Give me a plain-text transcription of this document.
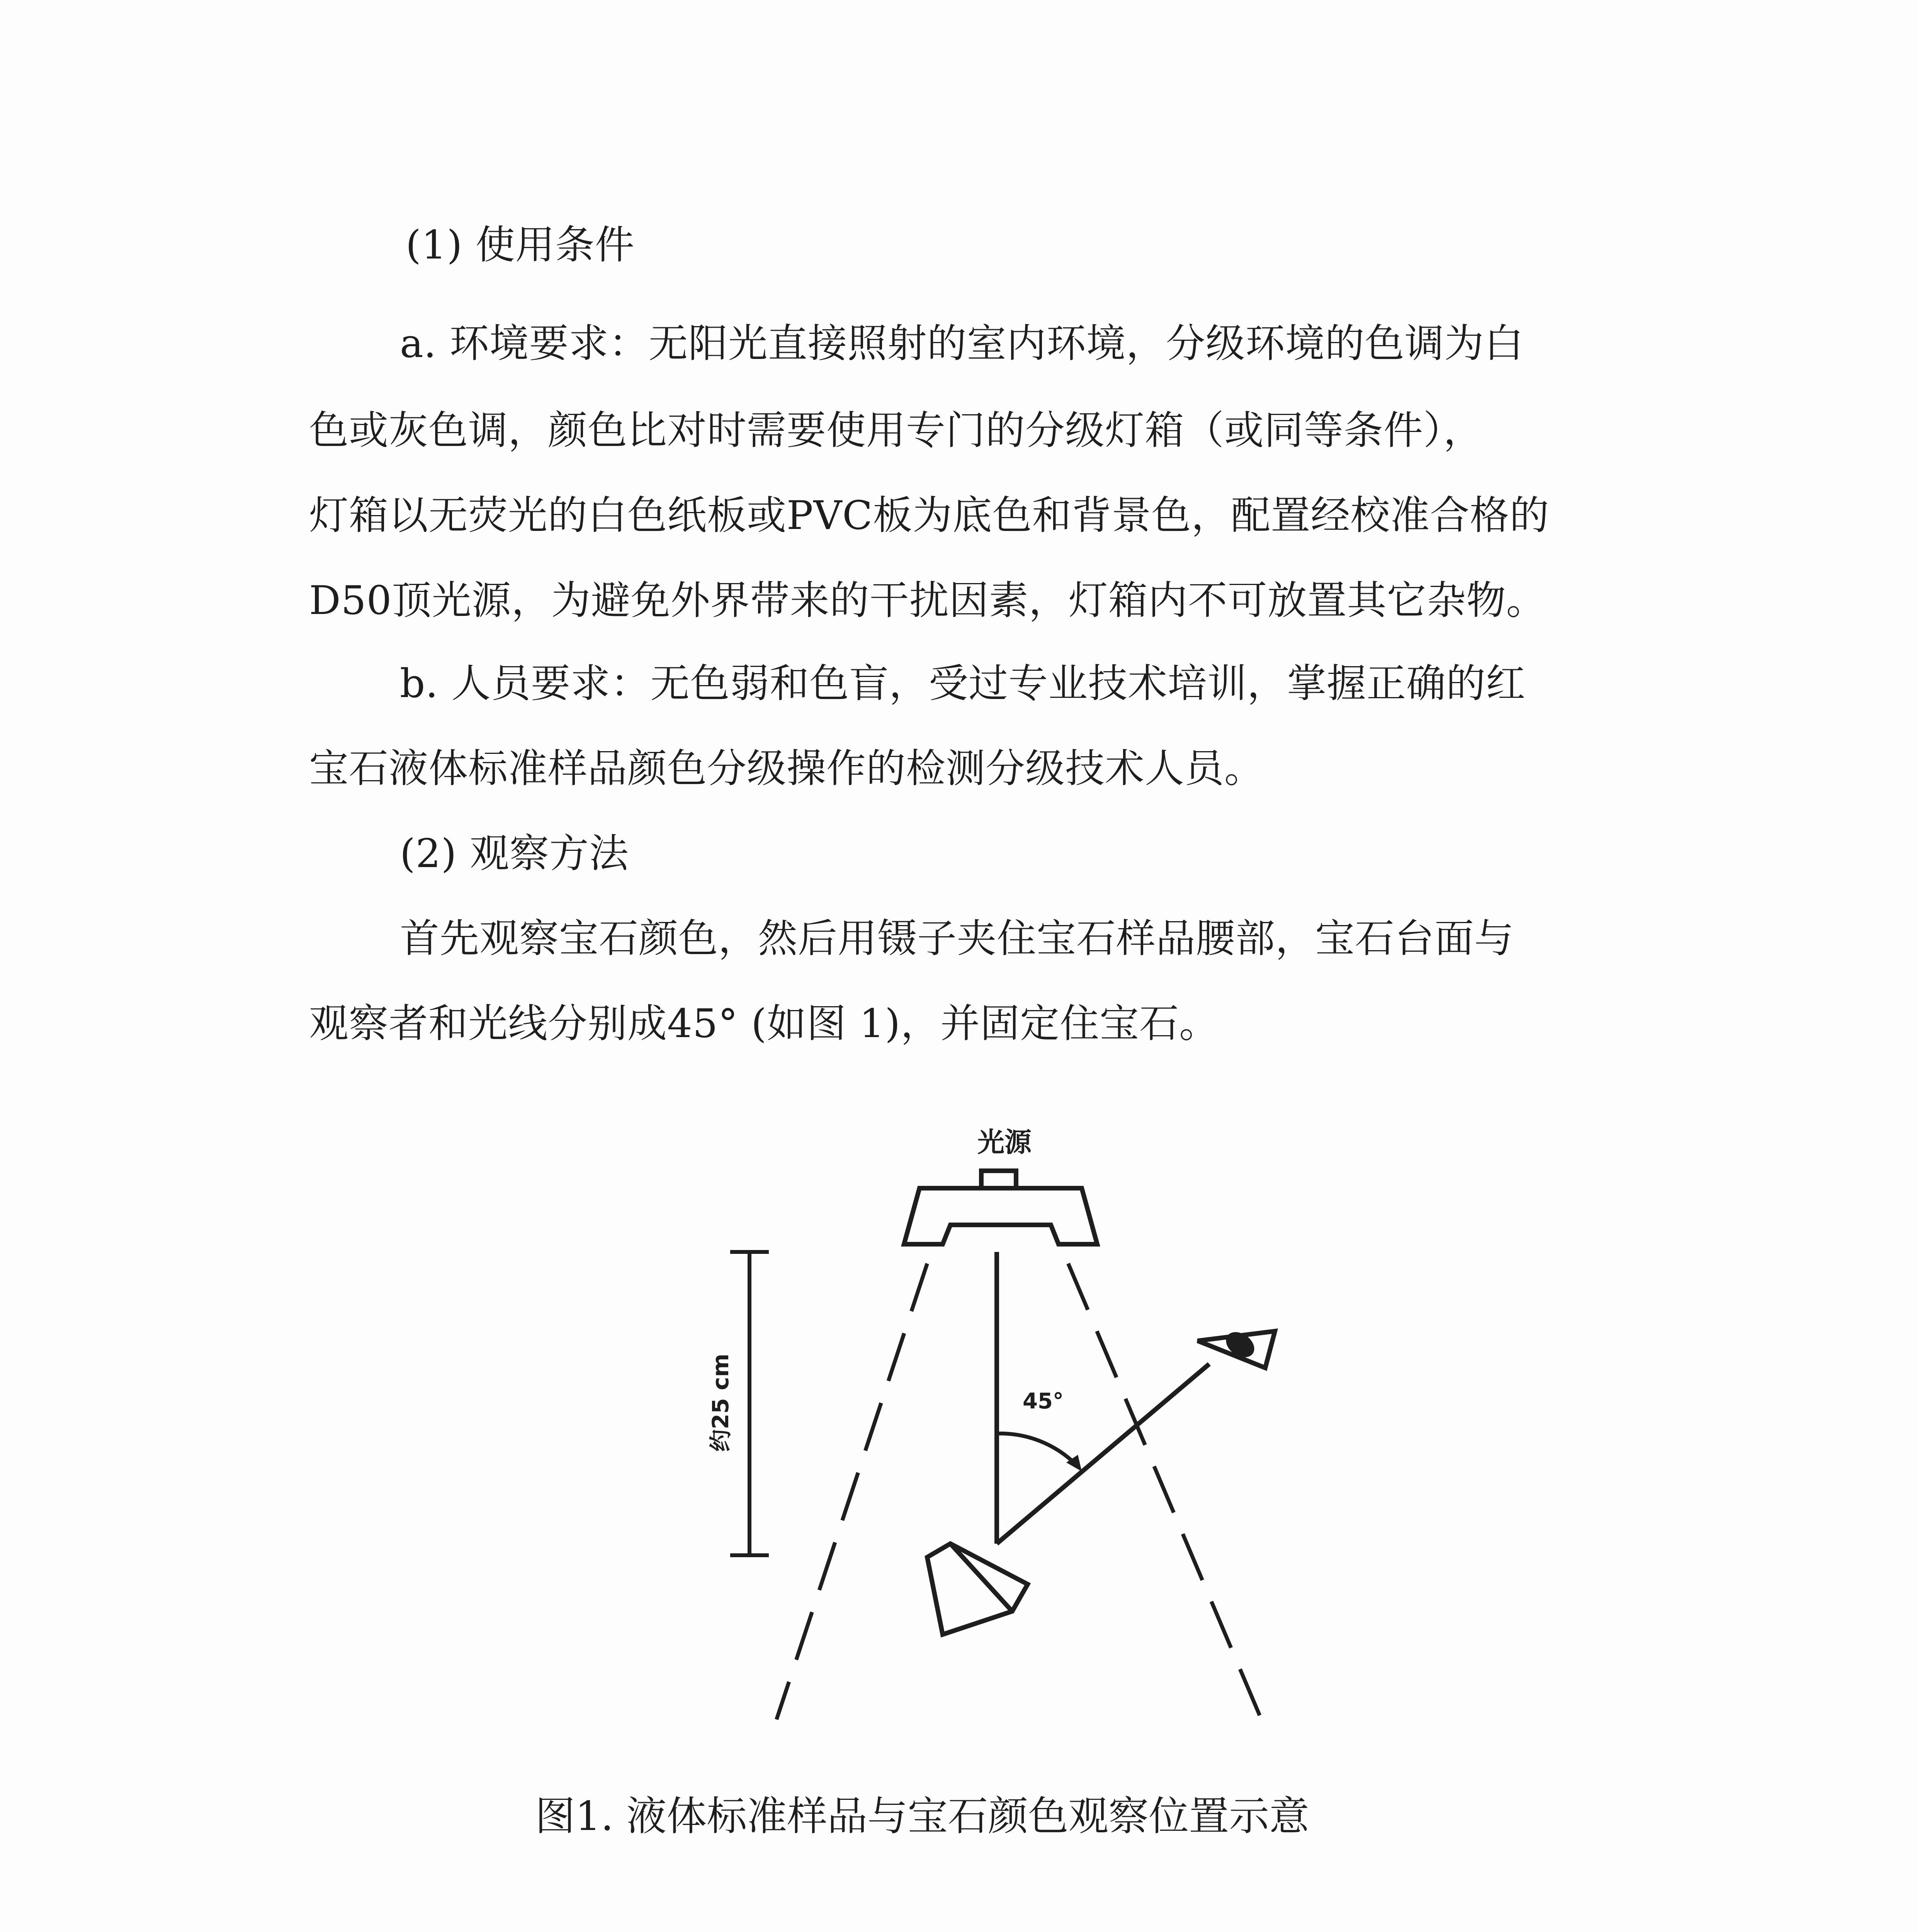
(1) 使用条件
a. 环境要求：无阳光直接照射的室内环境，分级环境的色调为白
色或灰色调，颜色比对时需要使用专门的分级灯箱（或同等条件），
灯箱以无荧光的白色纸板或PVC板为底色和背景色，配置经校准合格的
D50顶光源，为避免外界带来的干扰因素，灯箱内不可放置其它杂物。
b. 人员要求：无色弱和色盲，受过专业技术培训，掌握正确的红
宝石液体标准样品颜色分级操作的检测分级技术人员。
(2) 观察方法
首先观察宝石颜色，然后用镊子夹住宝石样品腰部，宝石台面与
观察者和光线分别成45° (如图 1)，并固定住宝石。
光源
45°
约25 cm
图1. 液体标准样品与宝石颜色观察位置示意
